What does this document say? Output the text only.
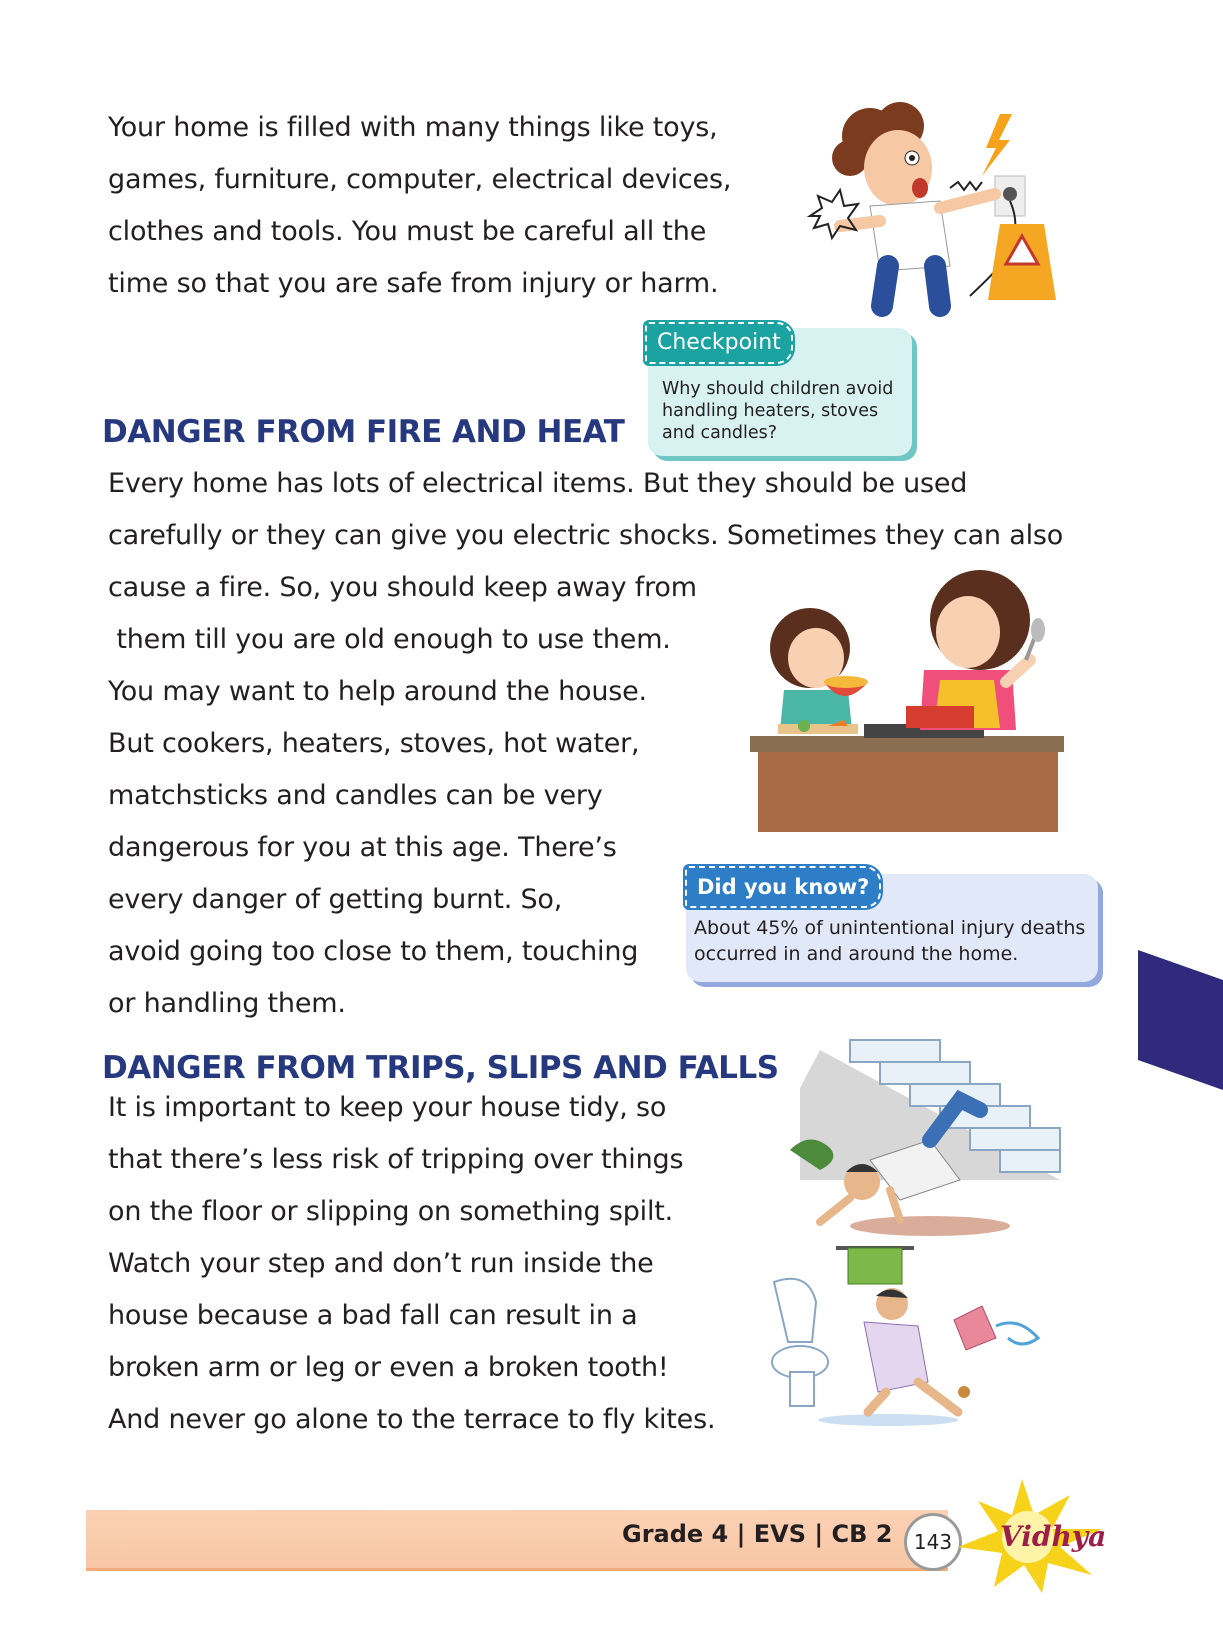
Your home is filled with many things like toys,

games, furniture, computer, electrical devices,

clothes and tools. You must be careful all the

time so that you are safe from injury or harm.

Checkpoint
Why should children avoid
handling heaters, stoves
and candles?
DANGER FROM FIRE AND HEAT

Every home has lots of electrical items. But they should be used

carefully or they can give you electric shocks. Sometimes they can also

cause a fire. So, you should keep away from

them till you are old enough to use them.

You may want to help around the house.

But cookers, heaters, stoves, hot water,

matchsticks and candles can be very

dangerous for you at this age. There’s

every danger of getting burnt. So,

avoid going too close to them, touching

or handling them.

Did you know?
About 45% of unintentional injury deaths
occurred in and around the home.
DANGER FROM TRIPS, SLIPS AND FALLS

It is important to keep your house tidy, so

that there’s less risk of tripping over things

on the floor or slipping on something spilt.

Watch your step and don’t run inside the

house because a bad fall can result in a

broken arm or leg or even a broken tooth!

And never go alone to the terrace to fly kites.

Grade 4 | EVS | CB 2	143	Vidhya
